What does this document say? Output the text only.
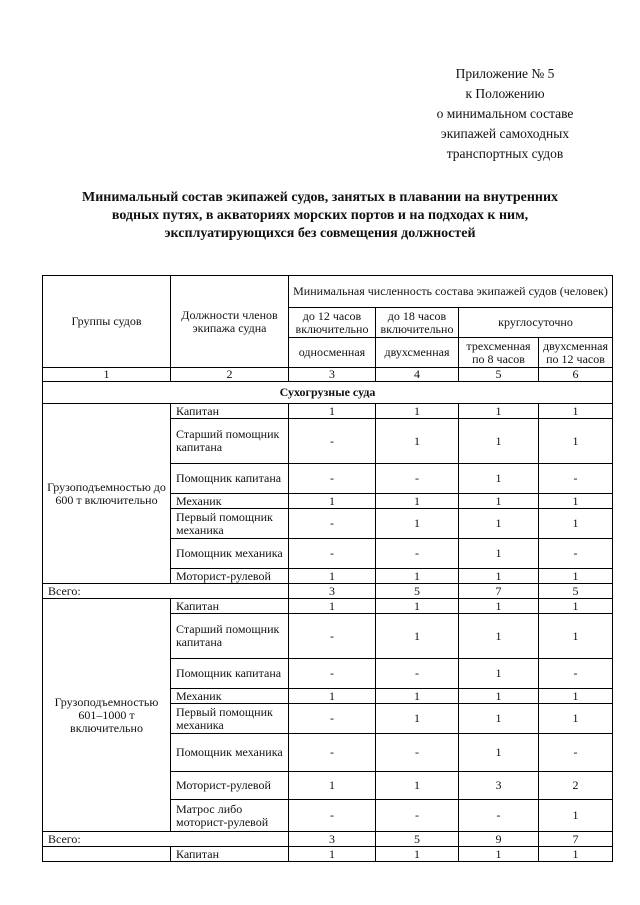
Приложение № 5
к Положению
о минимальном составе
экипажей самоходных
транспортных судов
Минимальный состав экипажей судов, занятых в плавании на внутренних
водных путях, в акваториях морских портов и на подходах к ним,
эксплуатирующихся без совмещения должностей
Группы судов	Должности членов экипажа судна	Минимальная численность состава экипажей судов (человек)			
		до 12 часов включительно	до 18 часов включительно	круглосуточно	
		односменная	двухсменная	трехсменная по 8 часов	двухсменная по 12 часов
1	2	3	4	5	6
Сухогрузные суда					
Грузоподъемностью до 600 т включительно	Капитан	1	1	1	1
	Старший помощник капитана	-	1	1	1
	Помощник капитана	-	-	1	-
	Механик	1	1	1	1
	Первый помощник механика	-	1	1	1
	Помощник механика	-	-	1	-
	Моторист-рулевой	1	1	1	1
Всего:		3	5	7	5
Грузоподъемностью 601–1000 т включительно	Капитан	1	1	1	1
	Старший помощник капитана	-	1	1	1
	Помощник капитана	-	-	1	-
	Механик	1	1	1	1
	Первый помощник механика	-	1	1	1
	Помощник механика	-	-	1	-
	Моторист-рулевой	1	1	3	2
	Матрос либо моторист-рулевой	-	-	-	1
Всего:		3	5	9	7
	Капитан	1	1	1	1
